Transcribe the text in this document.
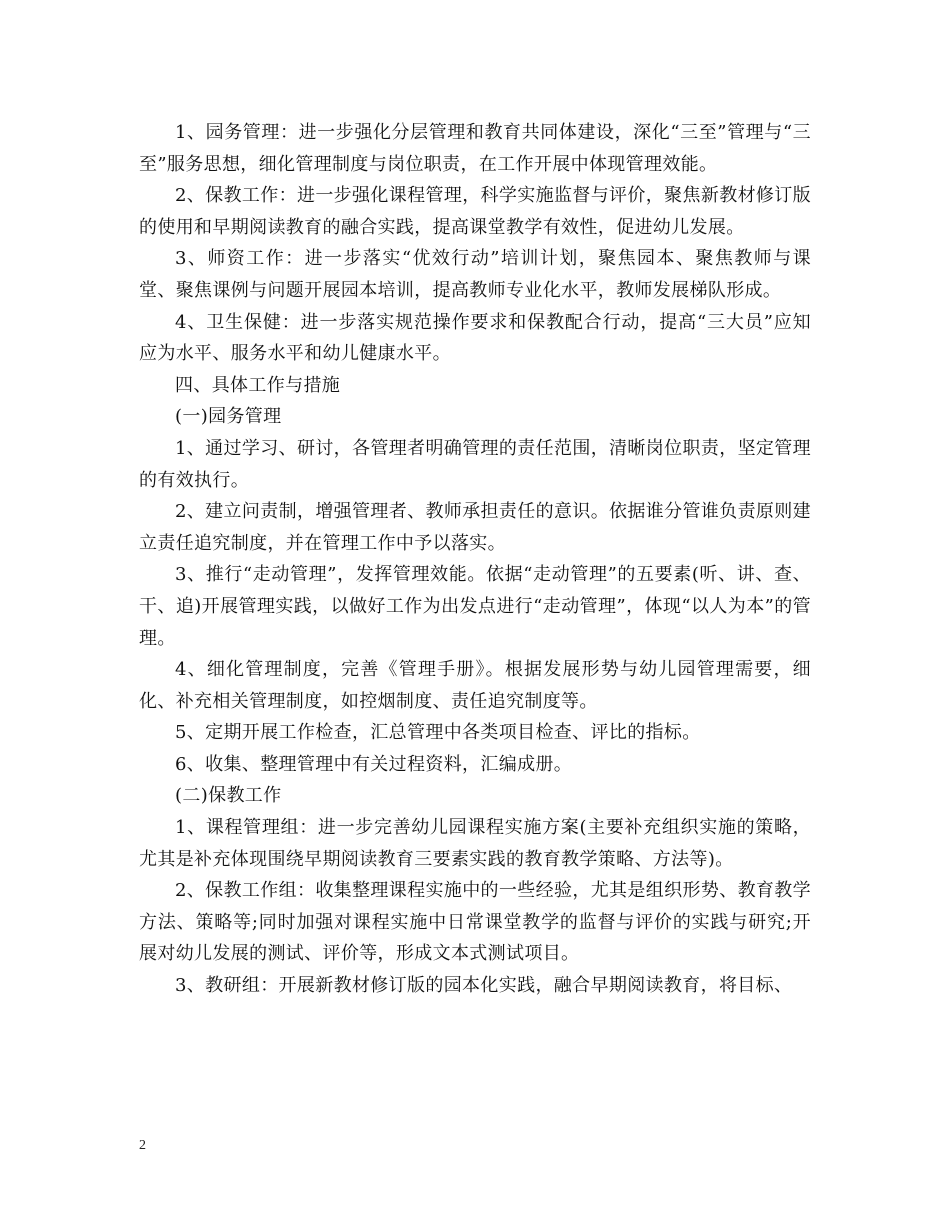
1、园务管理：进一步强化分层管理和教育共同体建设，深化“三至”管理与“三至”服务思想，细化管理制度与岗位职责，在工作开展中体现管理效能。

2、保教工作：进一步强化课程管理，科学实施监督与评价，聚焦新教材修订版的使用和早期阅读教育的融合实践，提高课堂教学有效性，促进幼儿发展。

3、师资工作：进一步落实“优效行动”培训计划，聚焦园本、聚焦教师与课堂、聚焦课例与问题开展园本培训，提高教师专业化水平，教师发展梯队形成。

4、卫生保健：进一步落实规范操作要求和保教配合行动，提高“三大员”应知应为水平、服务水平和幼儿健康水平。

四、具体工作与措施

(一)园务管理

1、通过学习、研讨，各管理者明确管理的责任范围，清晰岗位职责，坚定管理的有效执行。

2、建立问责制，增强管理者、教师承担责任的意识。依据谁分管谁负责原则建立责任追究制度，并在管理工作中予以落实。

3、推行“走动管理”，发挥管理效能。依据“走动管理”的五要素(听、讲、查、干、追)开展管理实践，以做好工作为出发点进行“走动管理”，体现“以人为本”的管理。

4、细化管理制度，完善《管理手册》。根据发展形势与幼儿园管理需要，细化、补充相关管理制度，如控烟制度、责任追究制度等。

5、定期开展工作检查，汇总管理中各类项目检查、评比的指标。

6、收集、整理管理中有关过程资料，汇编成册。

(二)保教工作

1、课程管理组：进一步完善幼儿园课程实施方案(主要补充组织实施的策略，尤其是补充体现围绕早期阅读教育三要素实践的教育教学策略、方法等)。

2、保教工作组：收集整理课程实施中的一些经验，尤其是组织形势、教育教学方法、策略等;同时加强对课程实施中日常课堂教学的监督与评价的实践与研究;开展对幼儿发展的测试、评价等，形成文本式测试项目。

3、教研组：开展新教材修订版的园本化实践，融合早期阅读教育，将目标、

2
